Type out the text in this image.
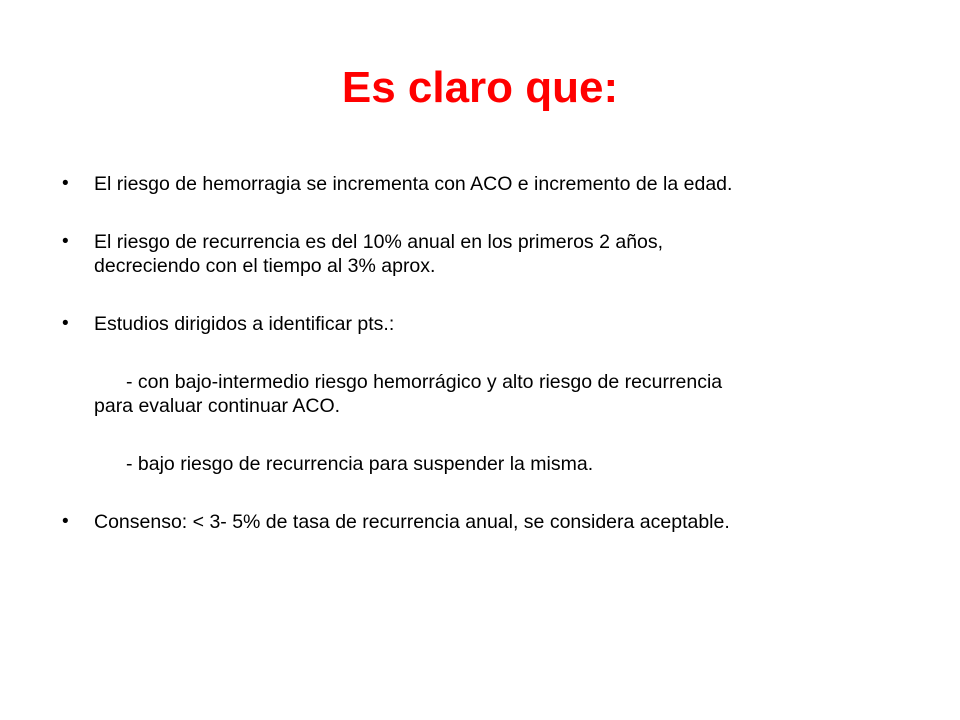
Es claro que:
• El riesgo de hemorragia se incrementa con ACO e incremento de la edad.
• El riesgo de recurrencia es del 10% anual en los primeros 2 años,
decreciendo con el tiempo al 3% aprox.
• Estudios dirigidos a identificar pts.:
- con bajo-intermedio riesgo hemorrágico y alto riesgo de recurrencia
para evaluar continuar ACO.
- bajo riesgo de recurrencia para suspender la misma.
• Consenso: < 3- 5% de tasa de recurrencia anual, se considera aceptable.
